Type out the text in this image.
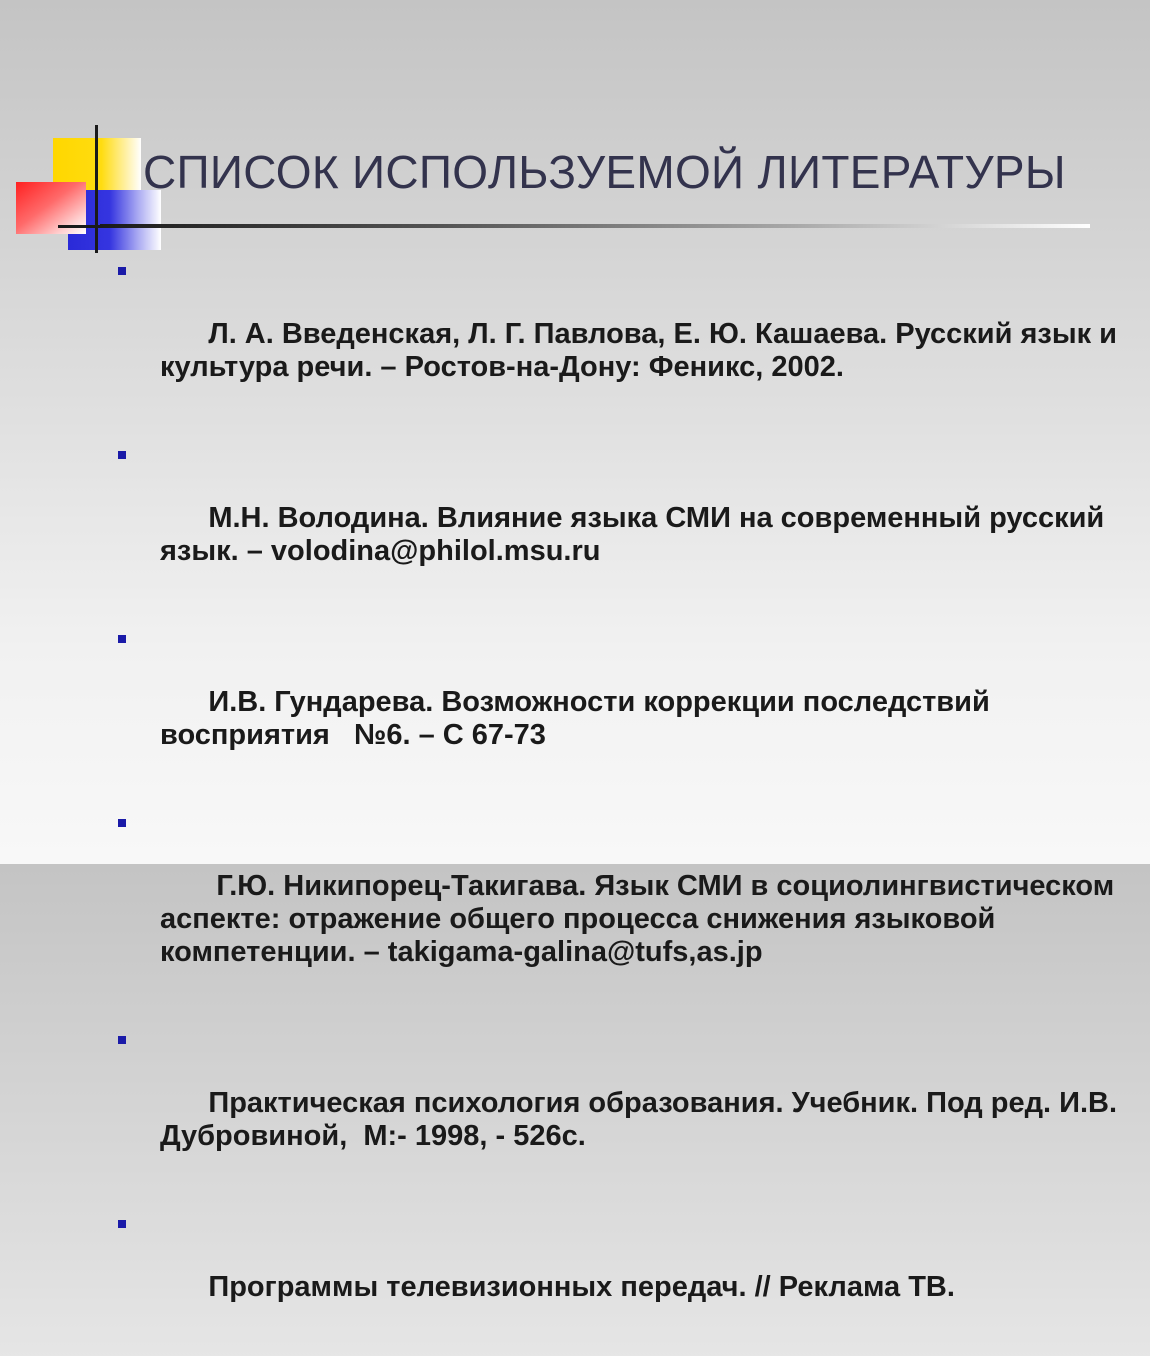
СПИСОК ИСПОЛЬЗУЕМОЙ ЛИТЕРАТУРЫ

Л. А. Введенская, Л. Г. Павлова, Е. Ю. Кашаева. Русский язык и культура речи. – Ростов-на-Дону: Феникс, 2002.

М.Н. Володина. Влияние языка СМИ на современный русский язык. – volodina@philol.msu.ru

И.В. Гундарева. Возможности коррекции последствий восприятия   №6. – С 67-73

Г.Ю. Никипорец-Такигава. Язык СМИ в социолингвистическом аспекте: отражение общего процесса снижения языковой компетенции. – takigama-galina@tufs,as.jp

Практическая психология образования. Учебник. Под ред. И.В. Дубровиной,  М:- 1998, - 526с.

Программы телевизионных передач. // Реклама ТВ.
